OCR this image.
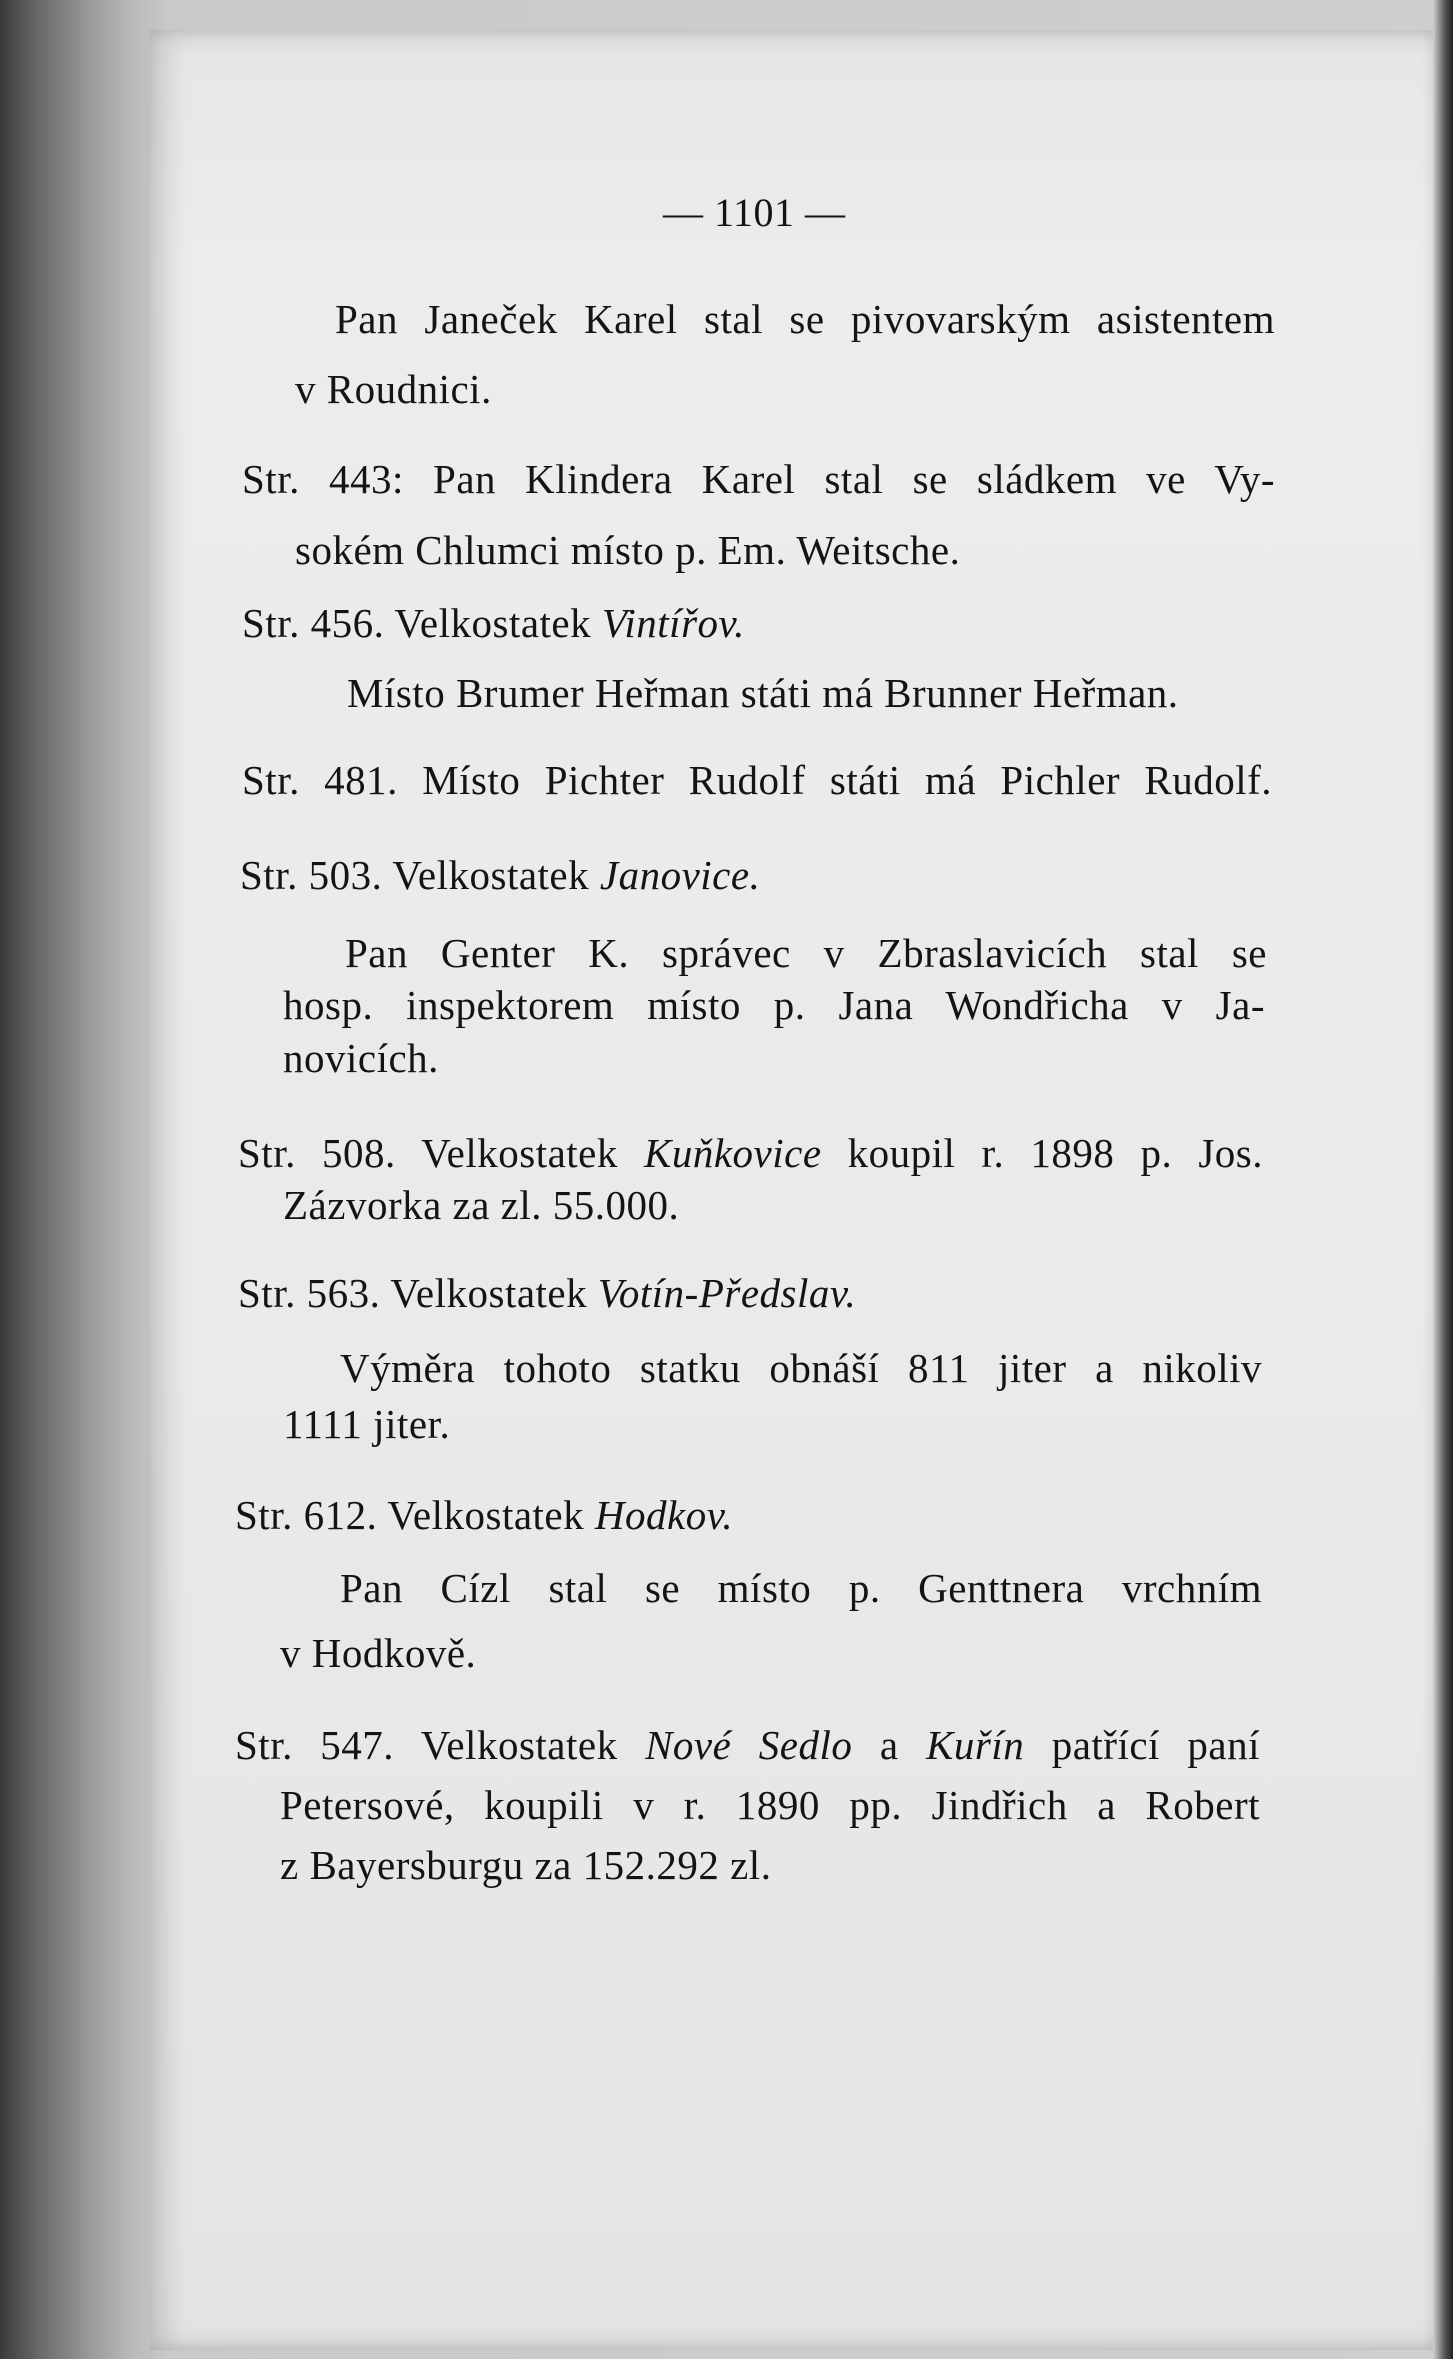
— 1101 —
Pan Janeček Karel stal se pivovarským asistentem
v Roudnici.
Str. 443: Pan Klindera Karel stal se sládkem ve Vy-
sokém Chlumci místo p. Em. Weitsche.
Str. 456. Velkostatek Vintířov.
Místo Brumer Heřman státi má Brunner Heřman.
Str. 481. Místo Pichter Rudolf státi má Pichler Rudolf.
Str. 503. Velkostatek Janovice.
Pan Genter K. správec v Zbraslavicích stal se
hosp. inspektorem místo p. Jana Wondřicha v Ja-
novicích.
Str. 508. Velkostatek Kuňkovice koupil r. 1898 p. Jos.
Zázvorka za zl. 55.000.
Str. 563. Velkostatek Votín-Předslav.
Výměra tohoto statku obnáší 811 jiter a nikoliv
1111 jiter.
Str. 612. Velkostatek Hodkov.
Pan Cízl stal se místo p. Genttnera vrchním
v Hodkově.
Str. 547. Velkostatek Nové Sedlo a Kuřín patřící paní
Petersové, koupili v r. 1890 pp. Jindřich a Robert
z Bayersburgu za 152.292 zl.
